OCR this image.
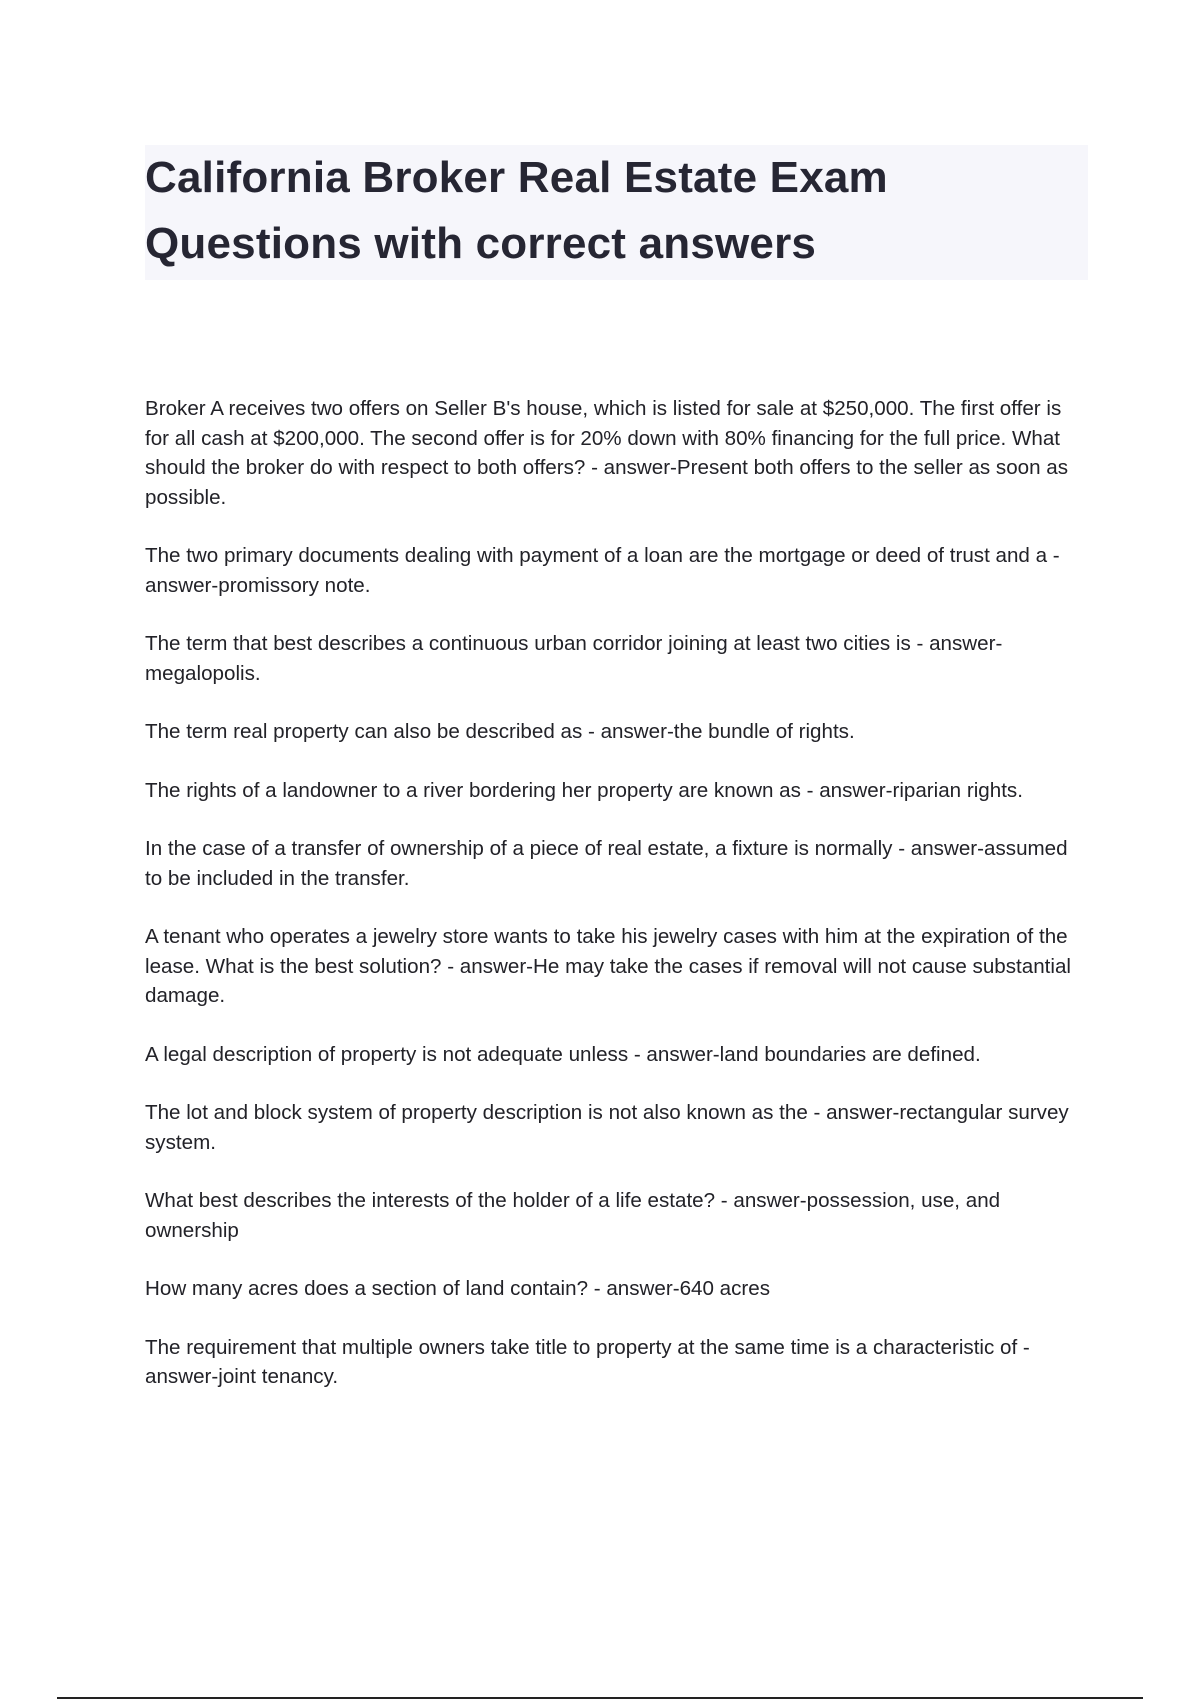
California Broker Real Estate Exam Questions with correct answers

Broker A receives two offers on Seller B's house, which is listed for sale at $250,000. The first offer is for all cash at $200,000. The second offer is for 20% down with 80% financing for the full price. What should the broker do with respect to both offers? - answer-Present both offers to the seller as soon as possible.

The two primary documents dealing with payment of a loan are the mortgage or deed of trust and a - answer-promissory note.

The term that best describes a continuous urban corridor joining at least two cities is - answer-megalopolis.

The term real property can also be described as - answer-the bundle of rights.

The rights of a landowner to a river bordering her property are known as - answer-riparian rights.

In the case of a transfer of ownership of a piece of real estate, a fixture is normally - answer-assumed to be included in the transfer.

A tenant who operates a jewelry store wants to take his jewelry cases with him at the expiration of the lease. What is the best solution? - answer-He may take the cases if removal will not cause substantial damage.

A legal description of property is not adequate unless - answer-land boundaries are defined.

The lot and block system of property description is not also known as the - answer-rectangular survey system.

What best describes the interests of the holder of a life estate? - answer-possession, use, and ownership

How many acres does a section of land contain? - answer-640 acres

The requirement that multiple owners take title to property at the same time is a characteristic of - answer-joint tenancy.
